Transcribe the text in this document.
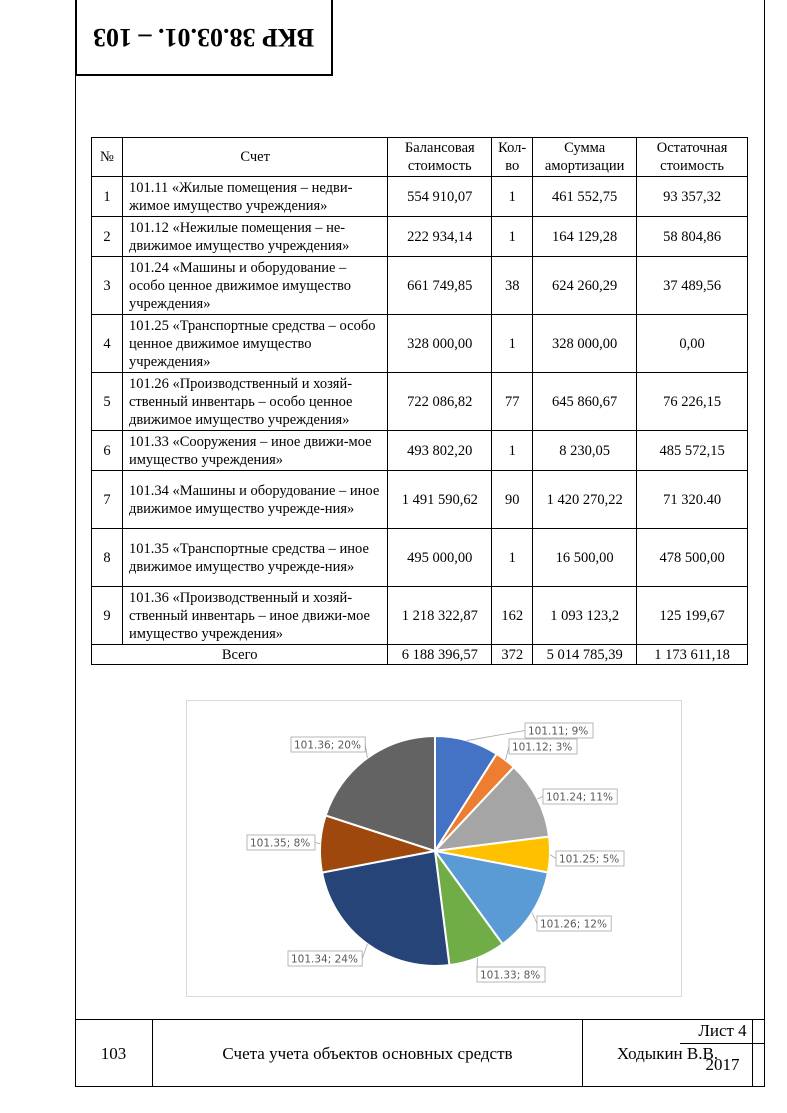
ВКР 38.03.01. – 103
№	Счет	Балансовая стоимость	Кол-во	Сумма амортизации	Остаточная стоимость
1	101.11 «Жилые помещения – недви-жимое имущество учреждения»	554 910,07	1	461 552,75	93 357,32
2	101.12 «Нежилые помещения – не-движимое имущество учреждения»	222 934,14	1	164 129,28	58 804,86
3	101.24 «Машины и оборудование – особо ценное движимое имущество учреждения»	661 749,85	38	624 260,29	37 489,56
4	101.25 «Транспортные средства – особо ценное движимое имущество учреждения»	328 000,00	1	328 000,00	0,00
5	101.26 «Производственный и хозяй-ственный инвентарь – особо ценное движимое имущество учреждения»	722 086,82	77	645 860,67	76 226,15
6	101.33 «Сооружения – иное движи-мое имущество учреждения»	493 802,20	1	8 230,05	485 572,15
7	101.34 «Машины и оборудование – иное движимое имущество учрежде-ния»	1 491 590,62	90	1 420 270,22	71 320.40
8	101.35 «Транспортные средства – иное движимое имущество учрежде-ния»	495 000,00	1	16 500,00	478 500,00
9	101.36 «Производственный и хозяй-ственный инвентарь – иное движи-мое имущество учреждения»	1 218 322,87	162	1 093 123,2	125 199,67
Всего		6 188 396,57	372	5 014 785,39	1 173 611,18
101.11; 9%
101.12; 3%
101.24; 11%
101.25; 5%
101.26; 12%
101.33; 8%
101.34; 24%
101.35; 8%
101.36; 20%
103	Счета учета объектов основных средств	Ходыкин В.В.
Лист 4
2017
